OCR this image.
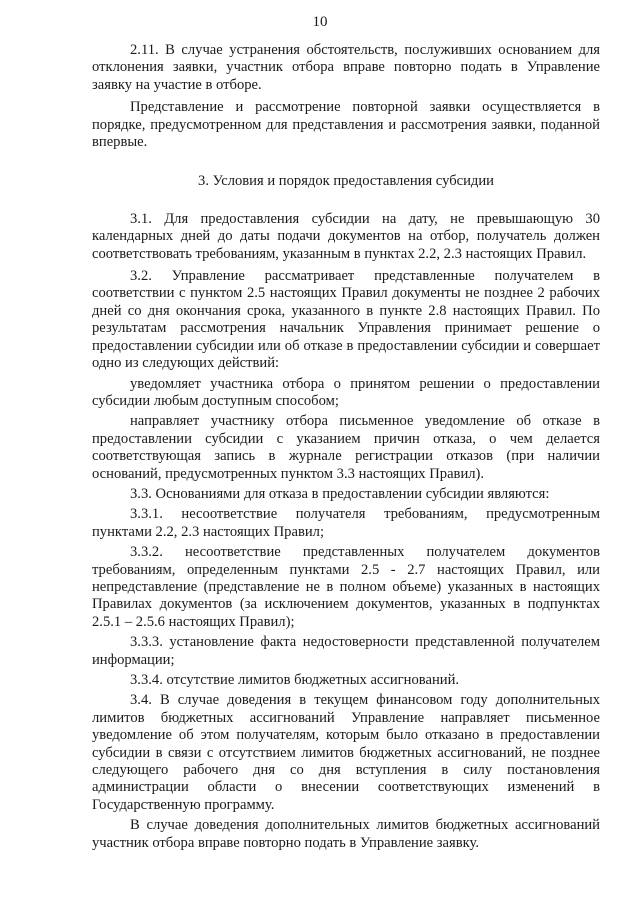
10

2.11. В случае устранения обстоятельств, послуживших основанием для отклонения заявки, участник отбора вправе повторно подать в Управление заявку на участие в отборе.

Представление и рассмотрение повторной заявки осуществляется в порядке, предусмотренном для представления и рассмотрения заявки, поданной впервые.

3. Условия и порядок предоставления субсидии

3.1. Для предоставления субсидии на дату, не превышающую 30 календарных дней до даты подачи документов на отбор, получатель должен соответствовать требованиям, указанным в пунктах 2.2, 2.3 настоящих Правил.

3.2. Управление рассматривает представленные получателем в соответствии с пунктом 2.5 настоящих Правил документы не позднее 2 рабочих дней со дня окончания срока, указанного в пункте 2.8 настоящих Правил. По результатам рассмотрения начальник Управления принимает решение о предоставлении субсидии или об отказе в предоставлении субсидии и совершает одно из следующих действий:

уведомляет участника отбора о принятом решении о предоставлении субсидии любым доступным способом;

направляет участнику отбора письменное уведомление об отказе в предоставлении субсидии с указанием причин отказа, о чем делается соответствующая запись в журнале регистрации отказов (при наличии оснований, предусмотренных пунктом 3.3 настоящих Правил).

3.3. Основаниями для отказа в предоставлении субсидии являются:

3.3.1. несоответствие получателя требованиям, предусмотренным пунктами 2.2, 2.3 настоящих Правил;

3.3.2. несоответствие представленных получателем документов требованиям, определенным пунктами 2.5 - 2.7 настоящих Правил, или непредставление (представление не в полном объеме) указанных в настоящих Правилах документов (за исключением документов, указанных в подпунктах 2.5.1 – 2.5.6 настоящих Правил);

3.3.3. установление факта недостоверности представленной получателем информации;

3.3.4. отсутствие лимитов бюджетных ассигнований.

3.4. В случае доведения в текущем финансовом году дополнительных лимитов бюджетных ассигнований Управление направляет письменное уведомление об этом получателям, которым было отказано в предоставлении субсидии в связи с отсутствием лимитов бюджетных ассигнований, не позднее следующего рабочего дня со дня вступления в силу постановления администрации области о внесении соответствующих изменений в Государственную программу.

В случае доведения дополнительных лимитов бюджетных ассигнований участник отбора вправе повторно подать в Управление заявку.
